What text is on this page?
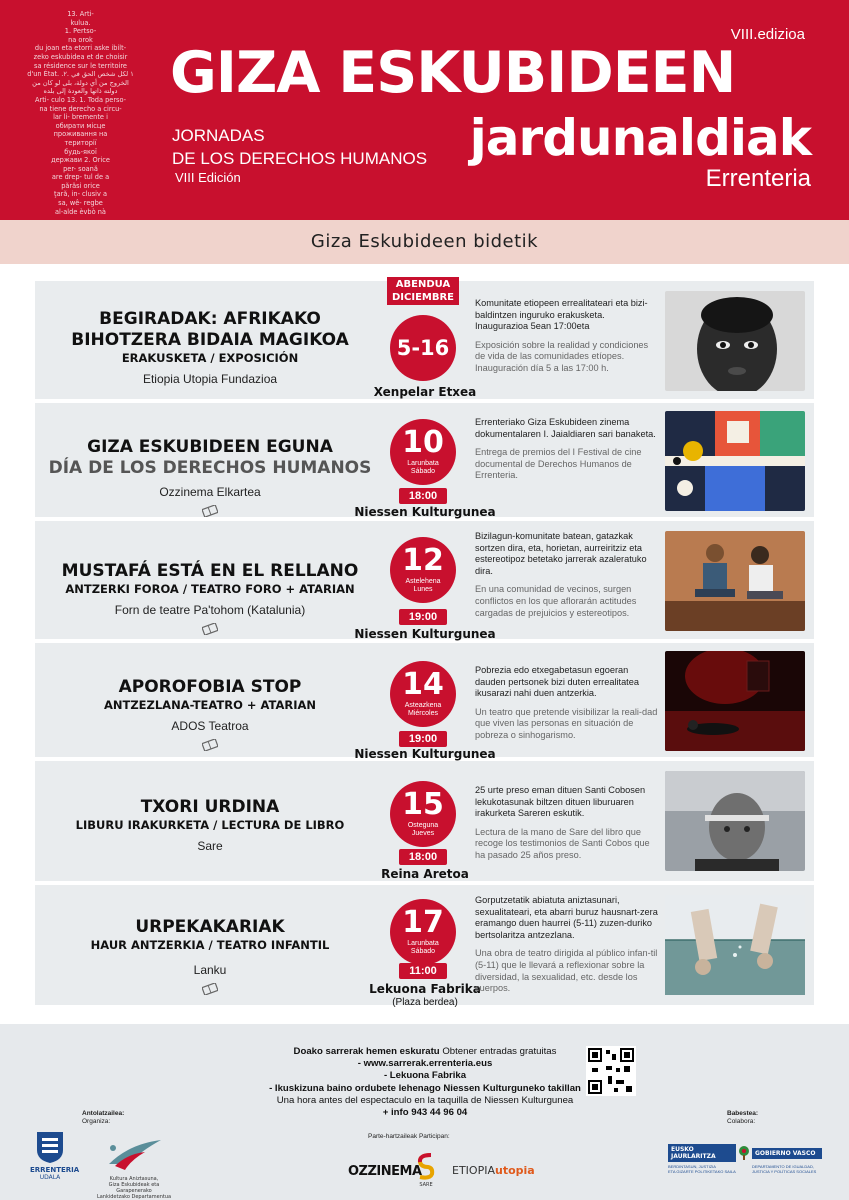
13. Arti-
kulua.
1. Pertso-
na orok
du joan eta etorri aske ibilt-
zeko eskubidea et de choisir
sa résidence sur le territoire
d'un État. .١ لكل شخص الحق في .٢
الخروج من أي دولة، بلى لو كان من
دولته ذاتها والعودة إلى بلده
Arti- culo 13. 1. Toda perso-
na tiene derecho a circu-
lar li- bremente і
обирати місце
проживання на
території
будь-якої
держави 2. Orice
per- soană
are drep- tul de a
părăsi orice
ţară, in- clusiv a
sa, wê- regbe
al-alde èvbò nà
VIII.edizioa
GIZA ESKUBIDEEN
jardunaldiak
Errenteria
JORNADAS
DE LOS DERECHOS HUMANOS
VIII Edición
Giza Eskubideen bidetik
BEGIRADAK: AFRIKAKO BIHOTZERA BIDAIA MAGIKOA
ERAKUSKETA / EXPOSICIÓN
Etiopia Utopia Fundazioa
ABENDUA
DICIEMBRE
5-16
Xenpelar Etxea

Komunitate etiopeen errealitateari eta bizi-baldintzen inguruko erakusketa. Inaugurazioa 5ean 17:00eta

Exposición sobre la realidad y condiciones de vida de las comunidades etíopes. Inauguración día 5 a las 17:00 h.

GIZA ESKUBIDEEN EGUNA
DÍA DE LOS DERECHOS HUMANOS
Ozzinema Elkartea
10
Larunbata
Sábado
18:00
Niessen Kulturgunea

Errenteriako Giza Eskubideen zinema dokumentalaren I. Jaialdiaren sari banaketa.

Entrega de premios del I Festival de cine documental de Derechos Humanos de Errenteria.

MUSTAFÁ ESTÁ EN EL RELLANO
ANTZERKI FOROA / TEATRO FORO + ATARIAN
Forn de teatre Pa'tohom (Katalunia)
12
Astelehena
Lunes
19:00
Niessen Kulturgunea

Bizilagun-komunitate batean, gatazkak sortzen dira, eta, horietan, aurreiritziz eta estereotipoz betetako jarrerak azaleratuko dira.

En una comunidad de vecinos, surgen conflictos en los que aflorarán actitudes cargadas de prejuicios y estereotipos.

APOROFOBIA STOP
ANTZEZLANA-TEATRO + ATARIAN
ADOS Teatroa
14
Asteazkena
Miércoles
19:00
Niessen Kulturgunea

Pobrezia edo etxegabetasun egoeran dauden pertsonek bizi duten errealitatea ikusarazi nahi duen antzerkia.

Un teatro que pretende visibilizar la reali-dad que viven las personas en situación de pobreza o sinhogarismo.

TXORI URDINA
LIBURU IRAKURKETA / LECTURA DE LIBRO
Sare
15
Osteguna
Jueves
18:00
Reina Aretoa

25 urte preso eman dituen Santi Cobosen lekukotasunak biltzen dituen liburuaren irakurketa Sareren eskutik.

Lectura de la mano de Sare del libro que recoge los testimonios de Santi Cobos que ha pasado 25 años preso.

URPEKAKARIAK
HAUR ANTZERKIA / TEATRO INFANTIL
Lanku
17
Larunbata
Sábado
11:00
Lekuona Fabrika
(Plaza berdea)

Gorputzetatik abiatuta aniztasunari, sexualitateari, eta abarri buruz hausnart-zera eramango duen haurrei (5-11) zuzen-duriko bertsolaritza antzezlana.

Una obra de teatro dirigida al público infan-til (5-11) que le llevará a reflexionar sobre la diversidad, la sexualidad, etc. desde los cuerpos.

Doako sarrerak hemen eskuratu Obtener entradas gratuitas
- www.sarrerak.errenteria.eus
- Lekuona Fabrika
- Ikuskizuna baino ordubete lehenago Niessen Kulturguneko takillan
Una hora antes del espectaculo en la taquilla de Niessen Kulturgunea
+ info 943 44 96 04
Antolatzailea:
Organiza:
Parte-hartzaileak Participan:
Babestea:
Colabora:
ERRENTERIA
UDALA	Kultura Aniztasuna,
Giza Eskubideak eta Garapenerako
Lankidetzako Departamentua

OZZINEMA
SARE
ETIOPIAutopia
EUSKO JAURLARITZA	GOBIERNO VASCO
BERDINTASUN, JUSTIZIA
ETA GIZARTE POLITIKETAKO SAILA
DEPARTAMENTO DE IGUALDAD,
JUSTICIA Y POLÍTICAS SOCIALES
